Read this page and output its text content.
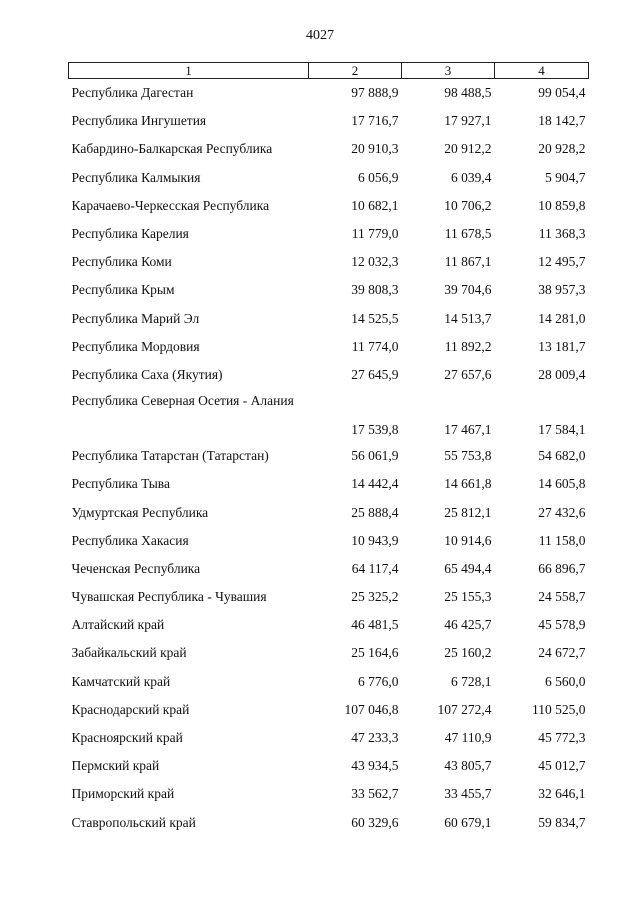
4027
1	2	3	4
Республика Дагестан	97 888,9	98 488,5	99 054,4
Республика Ингушетия	17 716,7	17 927,1	18 142,7
Кабардино-Балкарская Республика	20 910,3	20 912,2	20 928,2
Республика Калмыкия	6 056,9	6 039,4	5 904,7
Карачаево-Черкесская Республика	10 682,1	10 706,2	10 859,8
Республика Карелия	11 779,0	11 678,5	11 368,3
Республика Коми	12 032,3	11 867,1	12 495,7
Республика Крым	39 808,3	39 704,6	38 957,3
Республика Марий Эл	14 525,5	14 513,7	14 281,0
Республика Мордовия	11 774,0	11 892,2	13 181,7
Республика Саха (Якутия)	27 645,9	27 657,6	28 009,4
Республика Северная Осетия - Алания	17 539,8	17 467,1	17 584,1
Республика Татарстан (Татарстан)	56 061,9	55 753,8	54 682,0
Республика Тыва	14 442,4	14 661,8	14 605,8
Удмуртская Республика	25 888,4	25 812,1	27 432,6
Республика Хакасия	10 943,9	10 914,6	11 158,0
Чеченская Республика	64 117,4	65 494,4	66 896,7
Чувашская Республика - Чувашия	25 325,2	25 155,3	24 558,7
Алтайский край	46 481,5	46 425,7	45 578,9
Забайкальский край	25 164,6	25 160,2	24 672,7
Камчатский край	6 776,0	6 728,1	6 560,0
Краснодарский край	107 046,8	107 272,4	110 525,0
Красноярский край	47 233,3	47 110,9	45 772,3
Пермский край	43 934,5	43 805,7	45 012,7
Приморский край	33 562,7	33 455,7	32 646,1
Ставропольский край	60 329,6	60 679,1	59 834,7
